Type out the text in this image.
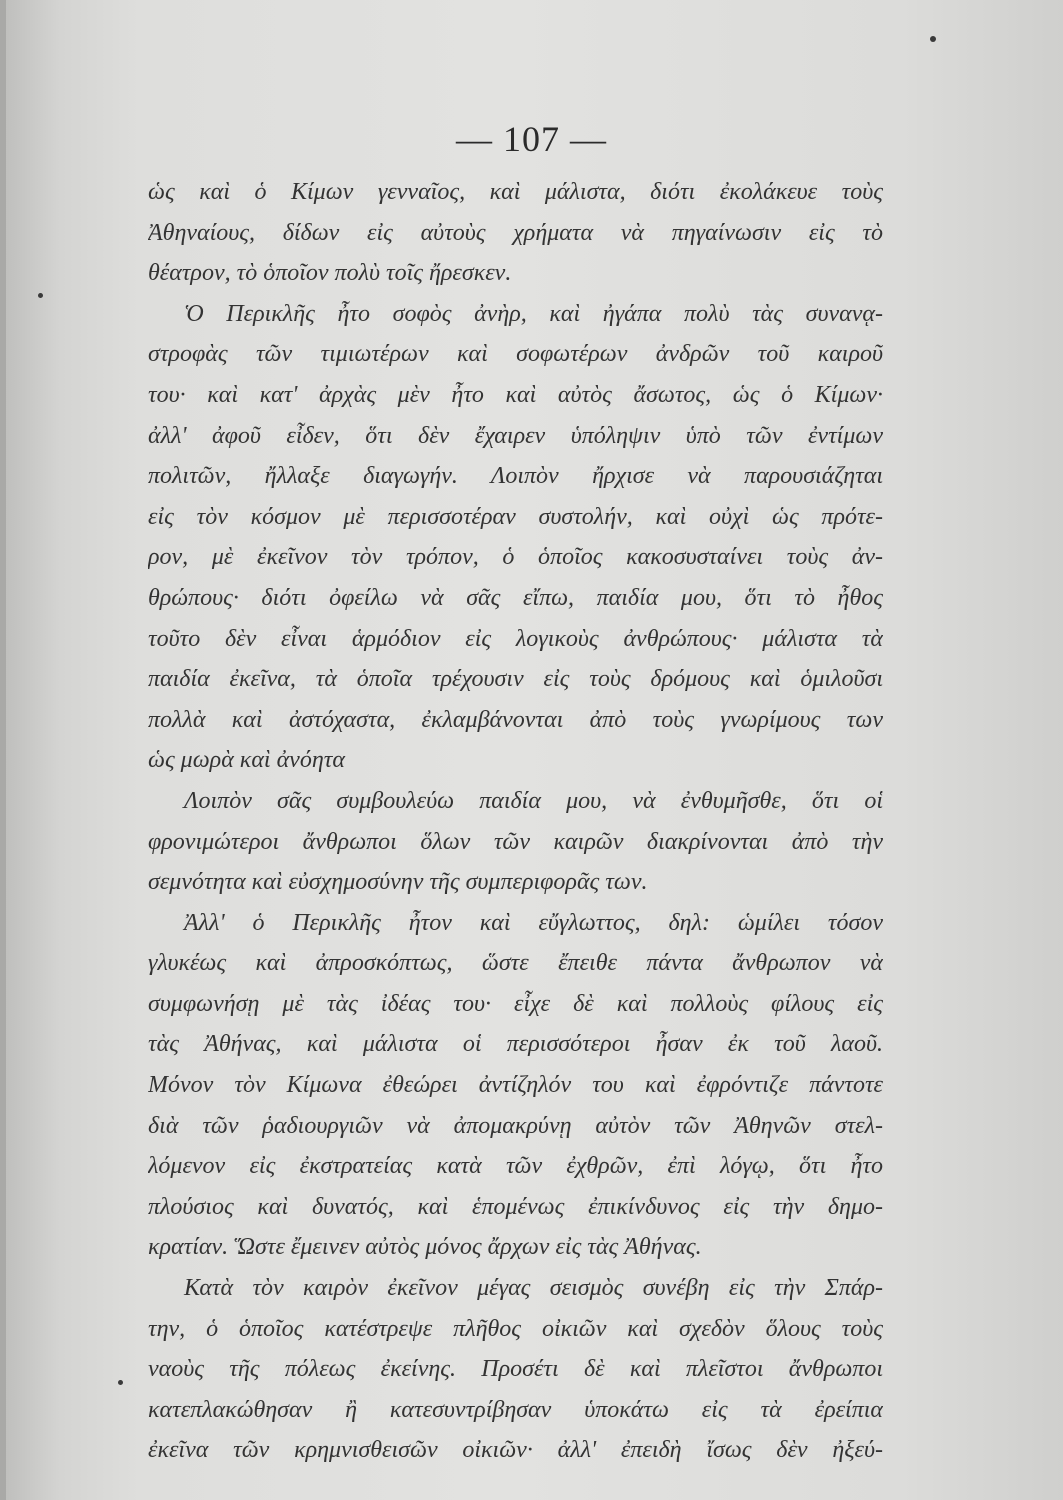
— 107 —
ὡς καὶ ὁ Κίμων γενναῖος, καὶ μάλιστα, διότι ἐκολάκευε τοὺς
Ἀθηναίους, δίδων εἰς αὐτοὺς χρήματα νὰ πηγαίνωσιν εἰς τὸ
θέατρον, τὸ ὁποῖον πολὺ τοῖς ἤρεσκεν.
Ὁ Περικλῆς ἦτο σοφὸς ἀνὴρ, καὶ ἠγάπα πολὺ τὰς συνανᾳ-
στροφὰς τῶν τιμιωτέρων καὶ σοφωτέρων ἀνδρῶν τοῦ καιροῦ
του· καὶ κατ' ἀρχὰς μὲν ἦτο καὶ αὐτὸς ἄσωτος, ὡς ὁ Κίμων·
ἀλλ' ἀφοῦ εἶδεν, ὅτι δὲν ἔχαιρεν ὑπόληψιν ὑπὸ τῶν ἐντίμων
πολιτῶν, ἤλλαξε διαγωγήν. Λοιπὸν ἤρχισε νὰ παρουσιάζηται
εἰς τὸν κόσμον μὲ περισσοτέραν συστολήν, καὶ οὐχὶ ὡς πρότε-
ρον, μὲ ἐκεῖνον τὸν τρόπον, ὁ ὁποῖος κακοσυσταίνει τοὺς ἀν-
θρώπους· διότι ὀφείλω νὰ σᾶς εἴπω, παιδία μου, ὅτι τὸ ἦθος
τοῦτο δὲν εἶναι ἁρμόδιον εἰς λογικοὺς ἀνθρώπους· μάλιστα τὰ
παιδία ἐκεῖνα, τὰ ὁποῖα τρέχουσιν εἰς τοὺς δρόμους καὶ ὁμιλοῦσι
πολλὰ καὶ ἀστόχαστα, ἐκλαμβάνονται ἀπὸ τοὺς γνωρίμους των
ὡς μωρὰ καὶ ἀνόητα
Λοιπὸν σᾶς συμβουλεύω παιδία μου, νὰ ἐνθυμῆσθε, ὅτι οἱ
φρονιμώτεροι ἄνθρωποι ὅλων τῶν καιρῶν διακρίνονται ἀπὸ τὴν
σεμνότητα καὶ εὐσχημοσύνην τῆς συμπεριφορᾶς των.
Ἀλλ' ὁ Περικλῆς ἦτον καὶ εὔγλωττος, δηλ: ὡμίλει τόσον
γλυκέως καὶ ἀπροσκόπτως, ὥστε ἔπειθε πάντα ἄνθρωπον νὰ
συμφωνήσῃ μὲ τὰς ἰδέας του· εἶχε δὲ καὶ πολλοὺς φίλους εἰς
τὰς Ἀθήνας, καὶ μάλιστα οἱ περισσότεροι ἦσαν ἐκ τοῦ λαοῦ.
Μόνον τὸν Κίμωνα ἐθεώρει ἀντίζηλόν του καὶ ἐφρόντιζε πάντοτε
διὰ τῶν ῥαδιουργιῶν νὰ ἀπομακρύνῃ αὐτὸν τῶν Ἀθηνῶν στελ-
λόμενον εἰς ἐκστρατείας κατὰ τῶν ἐχθρῶν, ἐπὶ λόγῳ, ὅτι ἦτο
πλούσιος καὶ δυνατός, καὶ ἑπομένως ἐπικίνδυνος εἰς τὴν δημο-
κρατίαν. Ὥστε ἔμεινεν αὐτὸς μόνος ἄρχων εἰς τὰς Ἀθήνας.
Κατὰ τὸν καιρὸν ἐκεῖνον μέγας σεισμὸς συνέβη εἰς τὴν Σπάρ-
την, ὁ ὁποῖος κατέστρεψε πλῆθος οἰκιῶν καὶ σχεδὸν ὅλους τοὺς
ναοὺς τῆς πόλεως ἐκείνης. Προσέτι δὲ καὶ πλεῖστοι ἄνθρωποι
κατεπλακώθησαν ἢ κατεσυντρίβησαν ὑποκάτω εἰς τὰ ἐρείπια
ἐκεῖνα τῶν κρημνισθεισῶν οἰκιῶν· ἀλλ' ἐπειδὴ ἴσως δὲν ἠξεύ-
